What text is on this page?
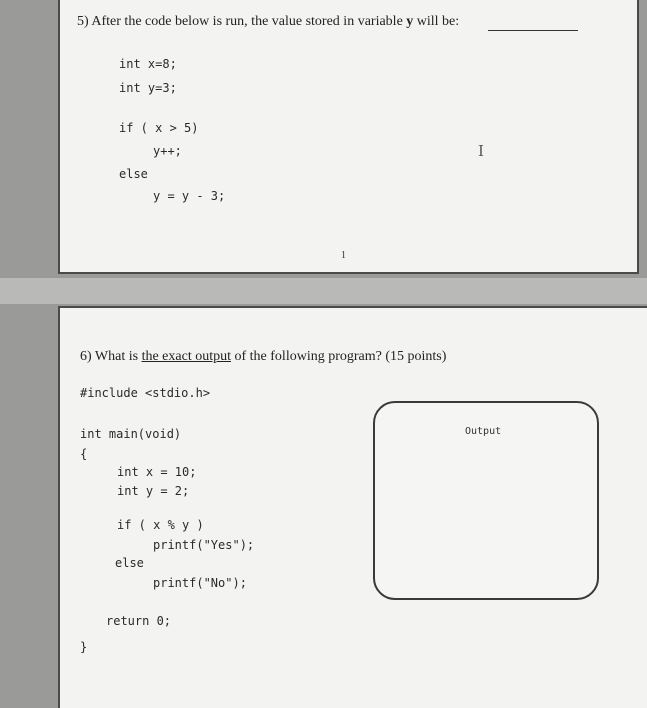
5) After the code below is run, the value stored in variable y will be:
int x=8;
int y=3;
if ( x > 5)
y++;
else
y = y - 3;
I
1
6) What is the exact output of the following program? (15 points)
#include <stdio.h>
int main(void)
{
int x = 10;
int y = 2;
if ( x % y )
printf("Yes");
else
printf("No");
return 0;
}
Output
